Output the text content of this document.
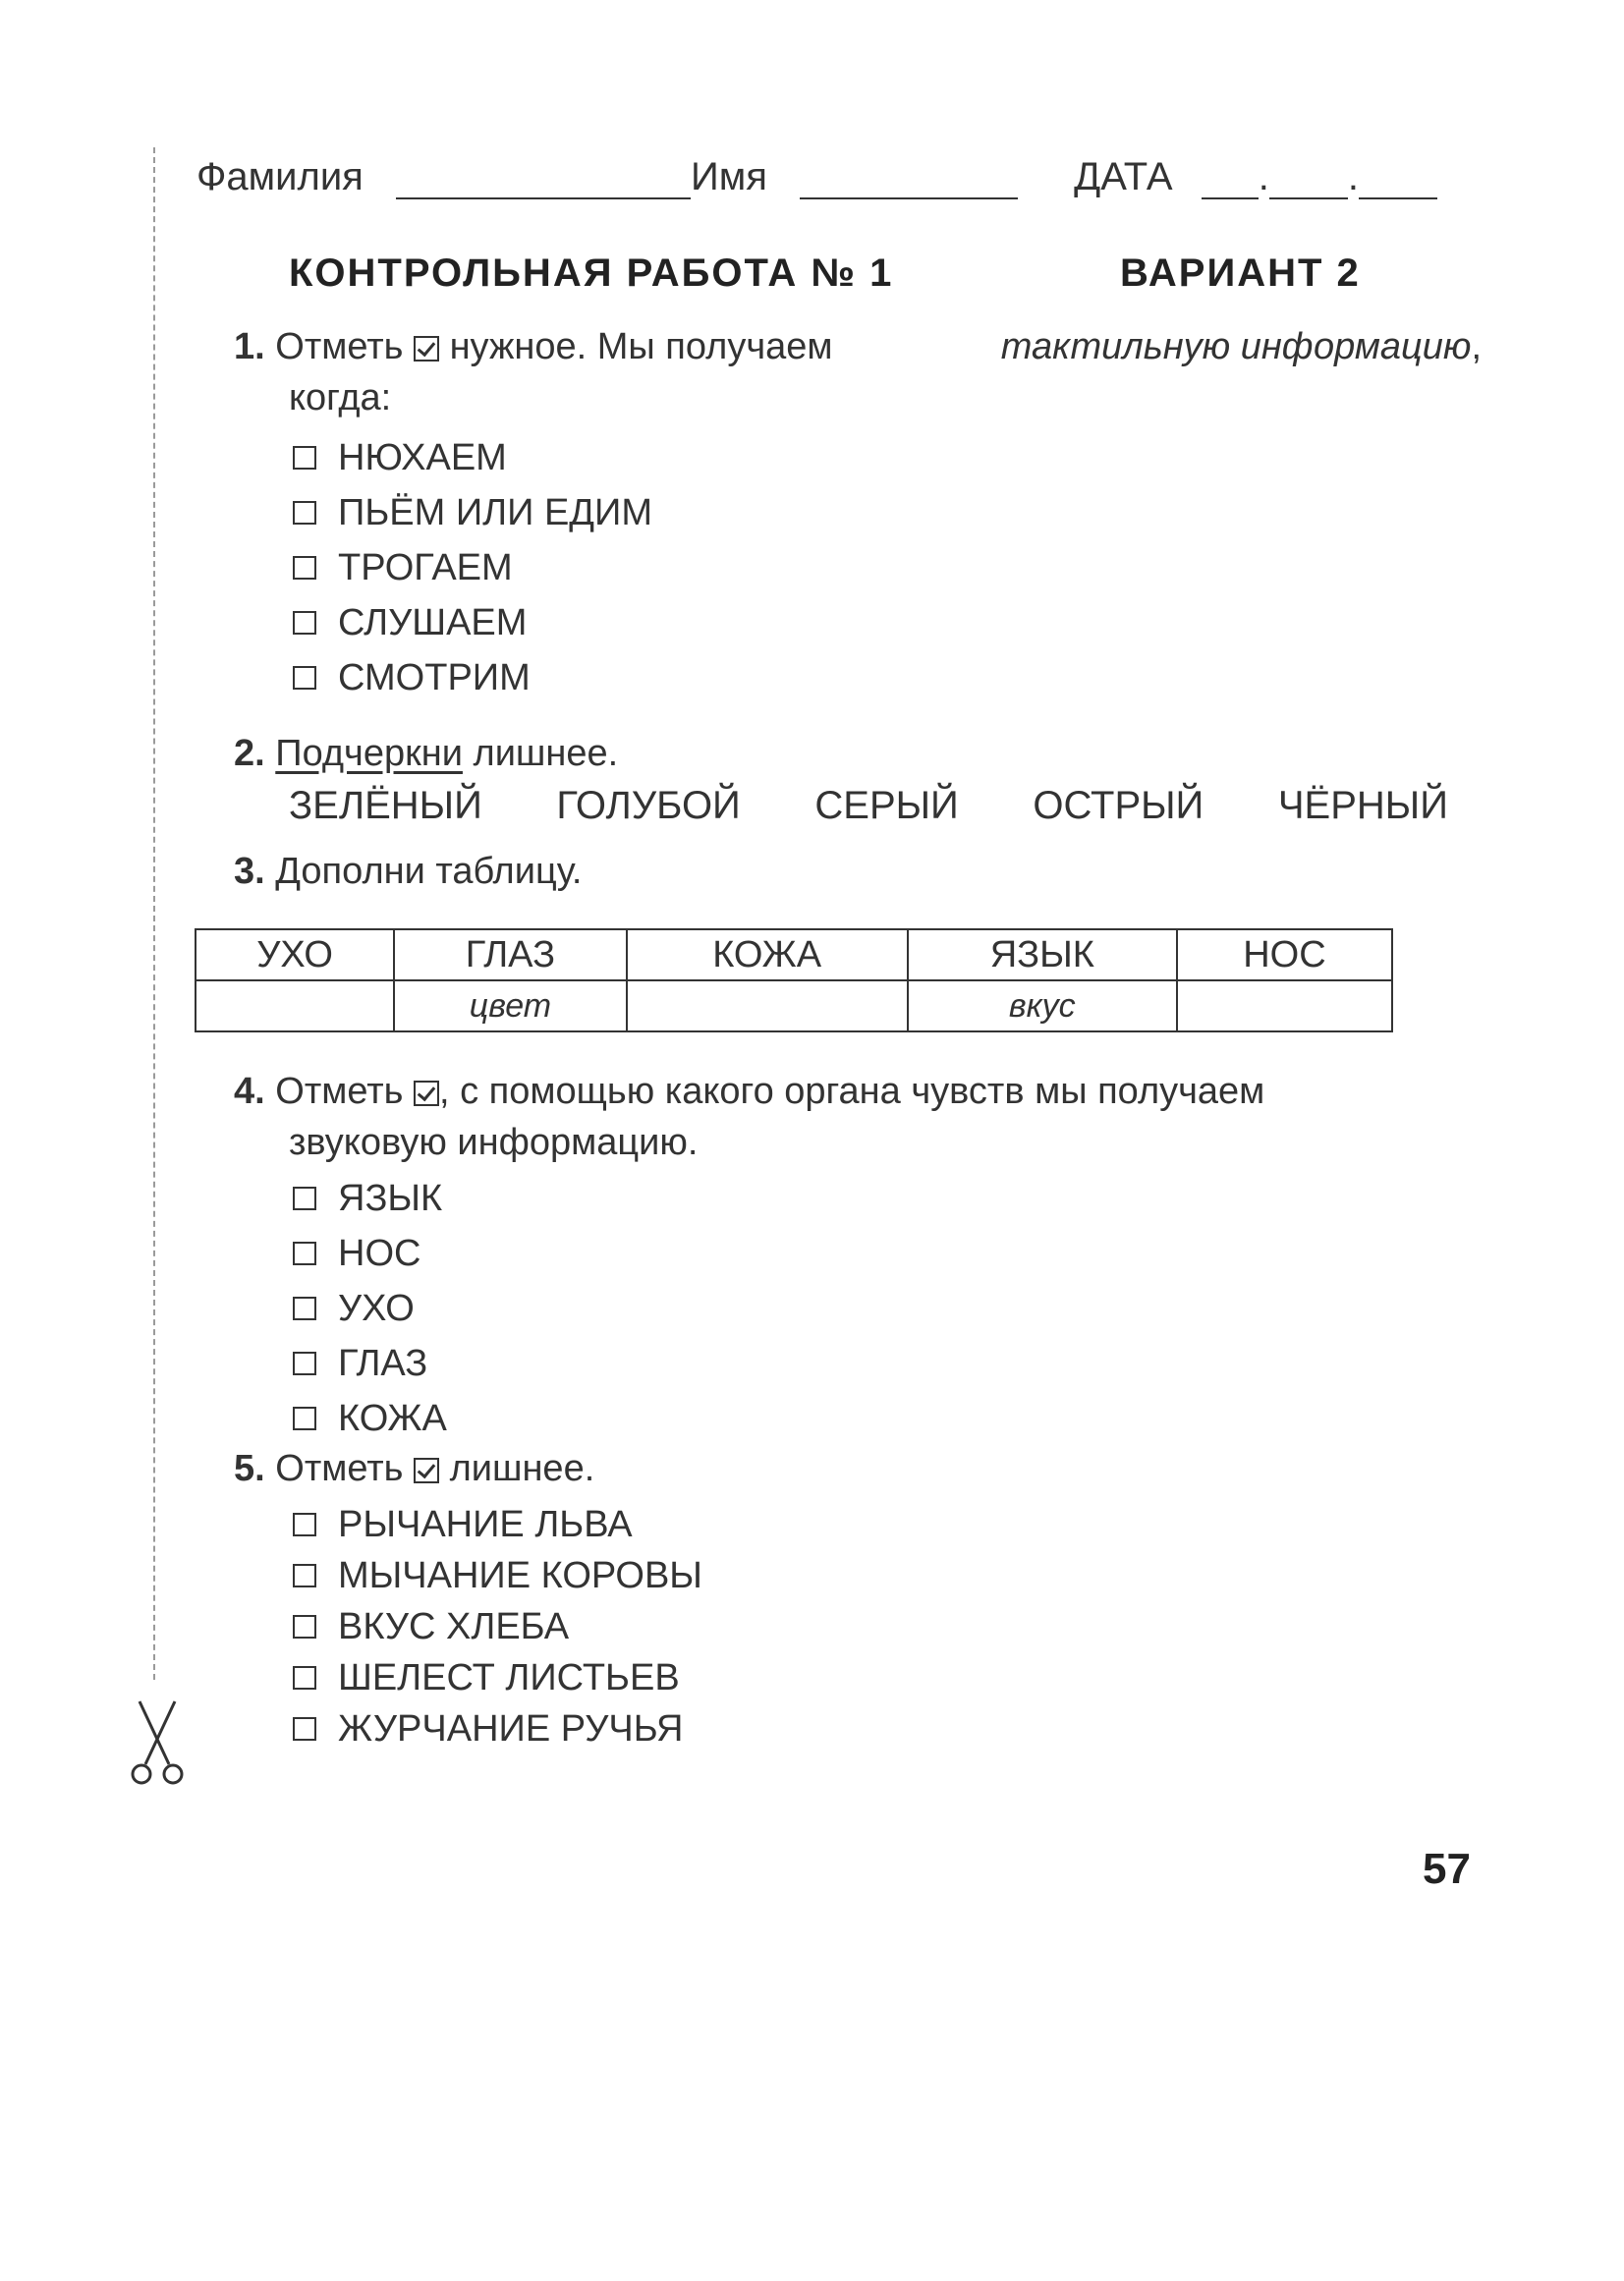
Фамилия	Имя	ДАТА . .
КОНТРОЛЬНАЯ РАБОТА № 1	ВАРИАНТ 2
1. Отметь нужное. Мы получаем	тактильную информацию,
когда:
НЮХАЕМ
ПЬЁМ ИЛИ ЕДИМ
ТРОГАЕМ
СЛУШАЕМ
СМОТРИМ
2. Подчеркни лишнее.
ЗЕЛЁНЫЙ ГОЛУБОЙ СЕРЫЙ ОСТРЫЙ ЧЁРНЫЙ
3. Дополни таблицу.
УХО	ГЛАЗ	КОЖА	ЯЗЫК	НОС
	цвет		вкус	
4. Отметь , с помощью какого органа чувств мы получаем
звуковую информацию.
ЯЗЫК
НОС
УХО
ГЛАЗ
КОЖА
5. Отметь лишнее.
РЫЧАНИЕ ЛЬВА
МЫЧАНИЕ КОРОВЫ
ВКУС ХЛЕБА
ШЕЛЕСТ ЛИСТЬЕВ
ЖУРЧАНИЕ РУЧЬЯ
57
